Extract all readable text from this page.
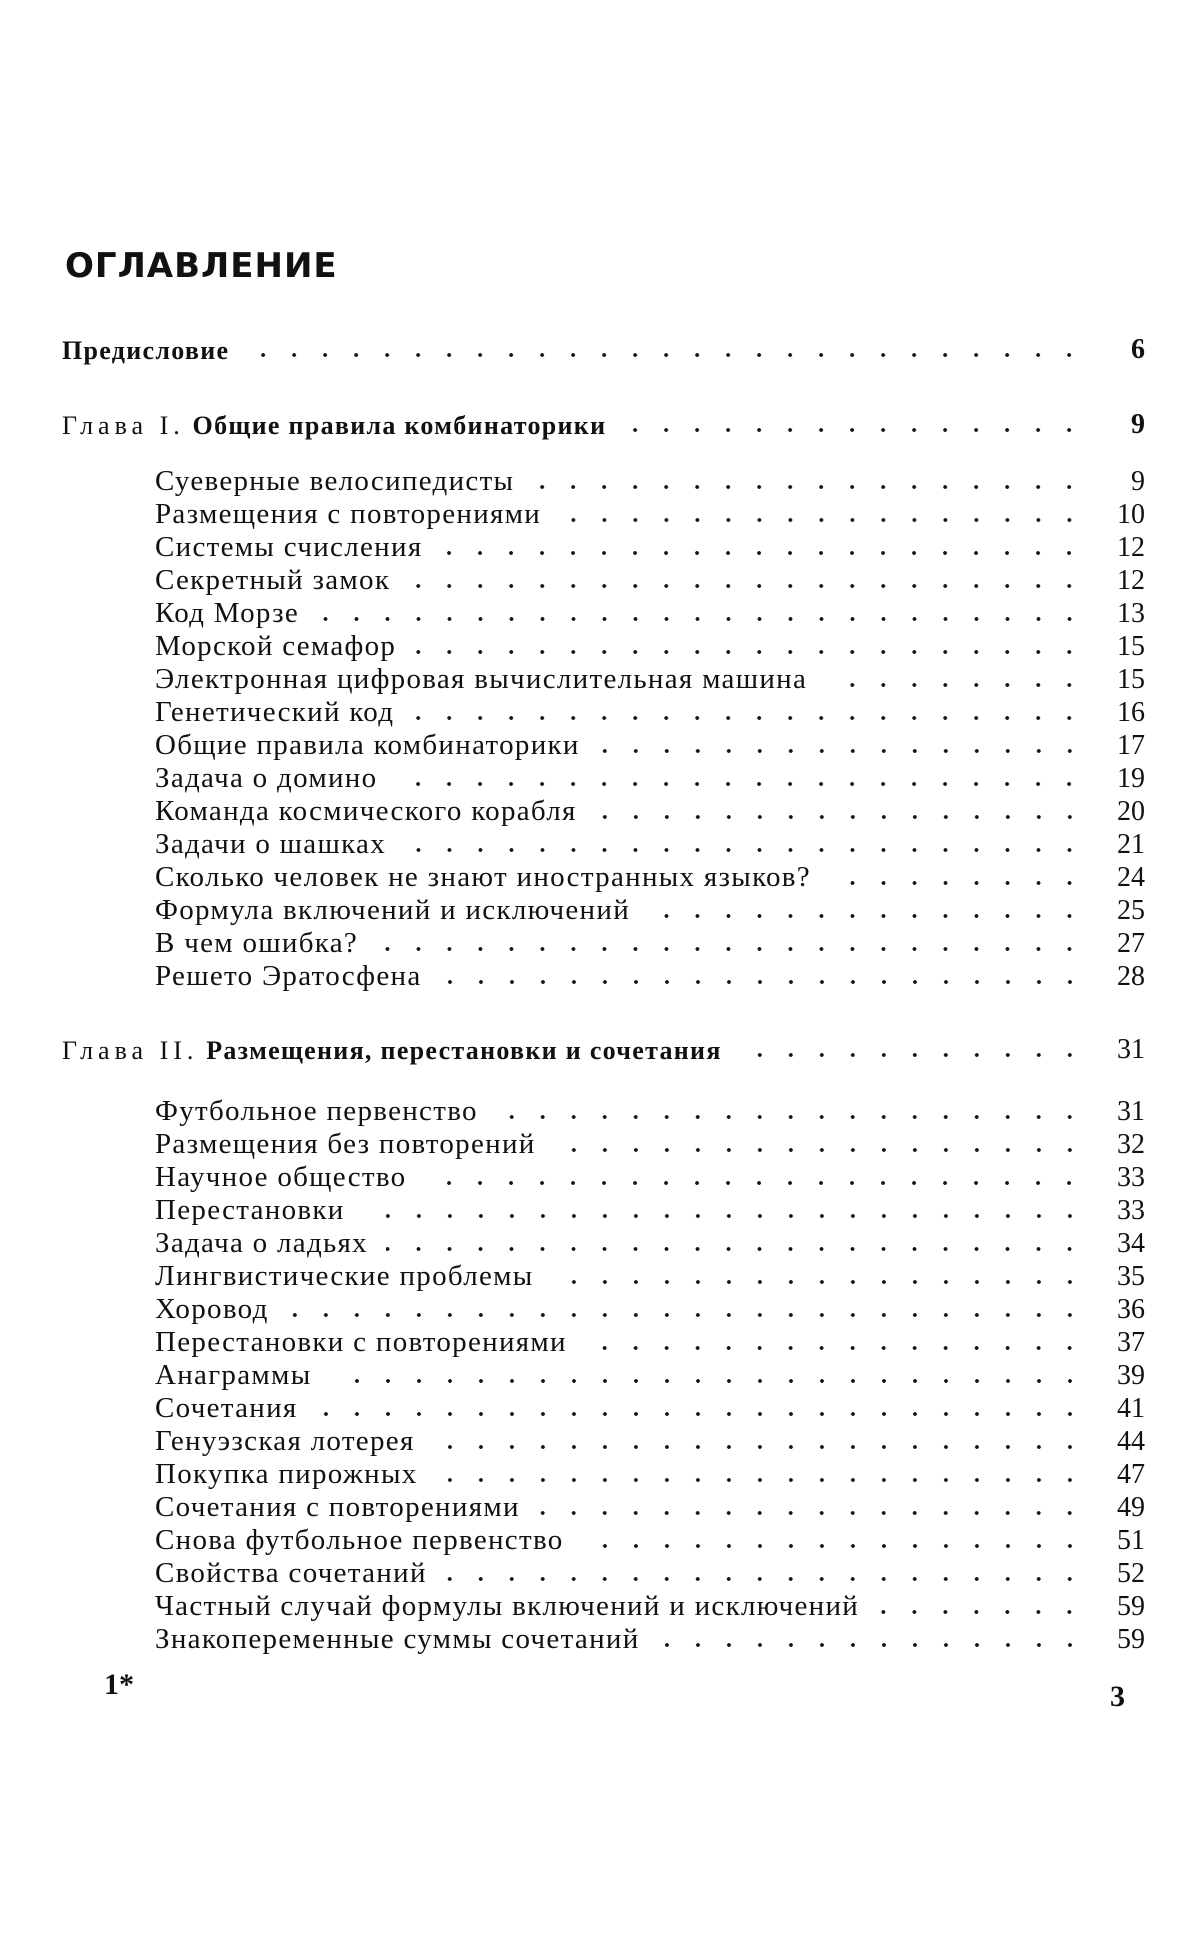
ОГЛАВЛЕНИЕ
Предисловие	6
Глава I. Общие правила комбинаторики	9
Суеверные велосипедисты	9
Размещения с повторениями	10
Системы счисления	12
Секретный замок	12
Код Морзе	13
Морской семафор	15
Электронная цифровая вычислительная машина	15
Генетический код	16
Общие правила комбинаторики	17
Задача о домино	19
Команда космического корабля	20
Задачи о шашках	21
Сколько человек не знают иностранных языков?	24
Формула включений и исключений	25
В чем ошибка?	27
Решето Эратосфена	28
Глава II. Размещения, перестановки и сочетания	31
Футбольное первенство	31
Размещения без повторений	32
Научное общество	33
Перестановки	33
Задача о ладьях	34
Лингвистические проблемы	35
Хоровод	36
Перестановки с повторениями	37
Анаграммы	39
Сочетания	41
Генуэзская лотерея	44
Покупка пирожных	47
Сочетания с повторениями	49
Снова футбольное первенство	51
Свойства сочетаний	52
Частный случай формулы включений и исключений	59
Знакопеременные суммы сочетаний	59
1*	3
